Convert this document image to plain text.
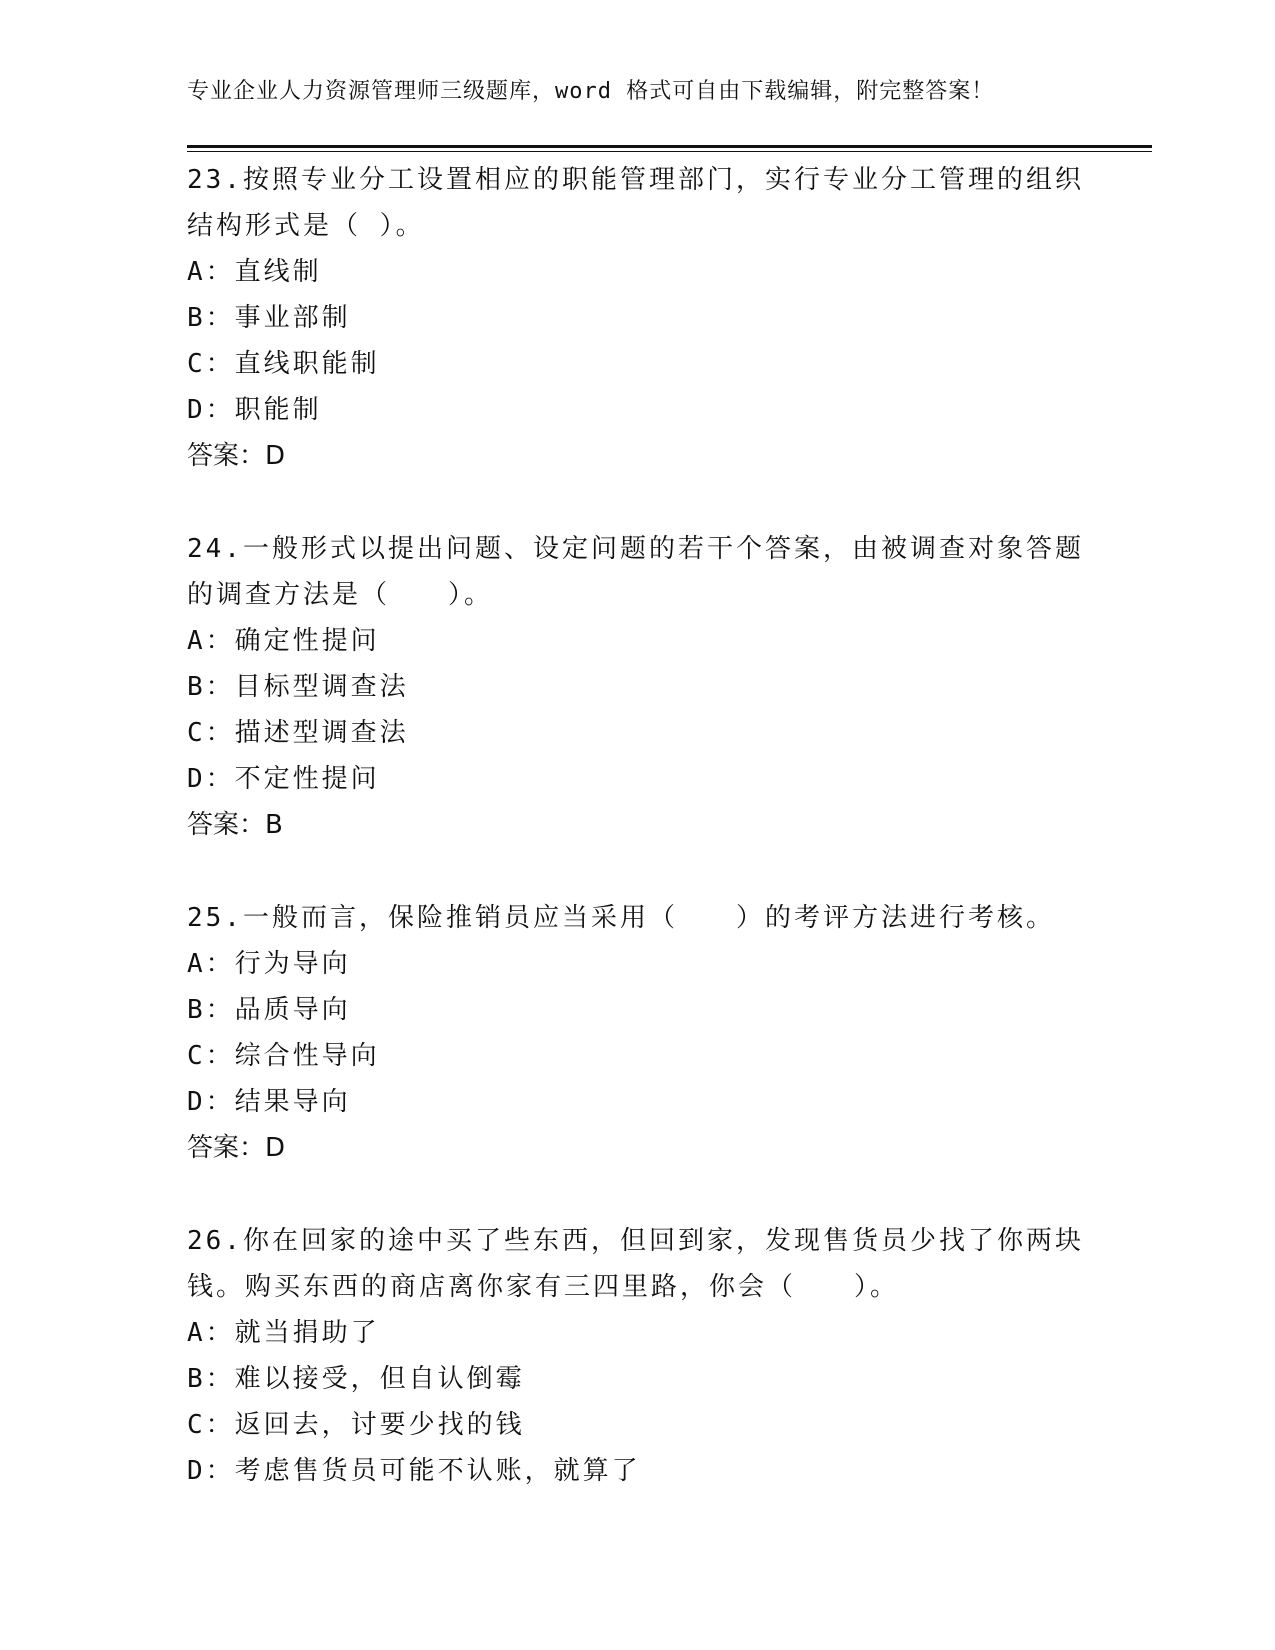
专业企业人力资源管理师三级题库，word 格式可自由下载编辑，附完整答案！
23.按照专业分工设置相应的职能管理部门，实行专业分工管理的组织
结构形式是（ ）。
A：直线制
B：事业部制
C：直线职能制
D：职能制
答案：D
24.一般形式以提出问题、设定问题的若干个答案，由被调查对象答题
的调查方法是（　　）。
A：确定性提问
B：目标型调查法
C：描述型调查法
D：不定性提问
答案：B
25.一般而言，保险推销员应当采用（　　）的考评方法进行考核。
A：行为导向
B：品质导向
C：综合性导向
D：结果导向
答案：D
26.你在回家的途中买了些东西，但回到家，发现售货员少找了你两块
钱。购买东西的商店离你家有三四里路，你会（　　）。
A：就当捐助了
B：难以接受，但自认倒霉
C：返回去，讨要少找的钱
D：考虑售货员可能不认账，就算了
